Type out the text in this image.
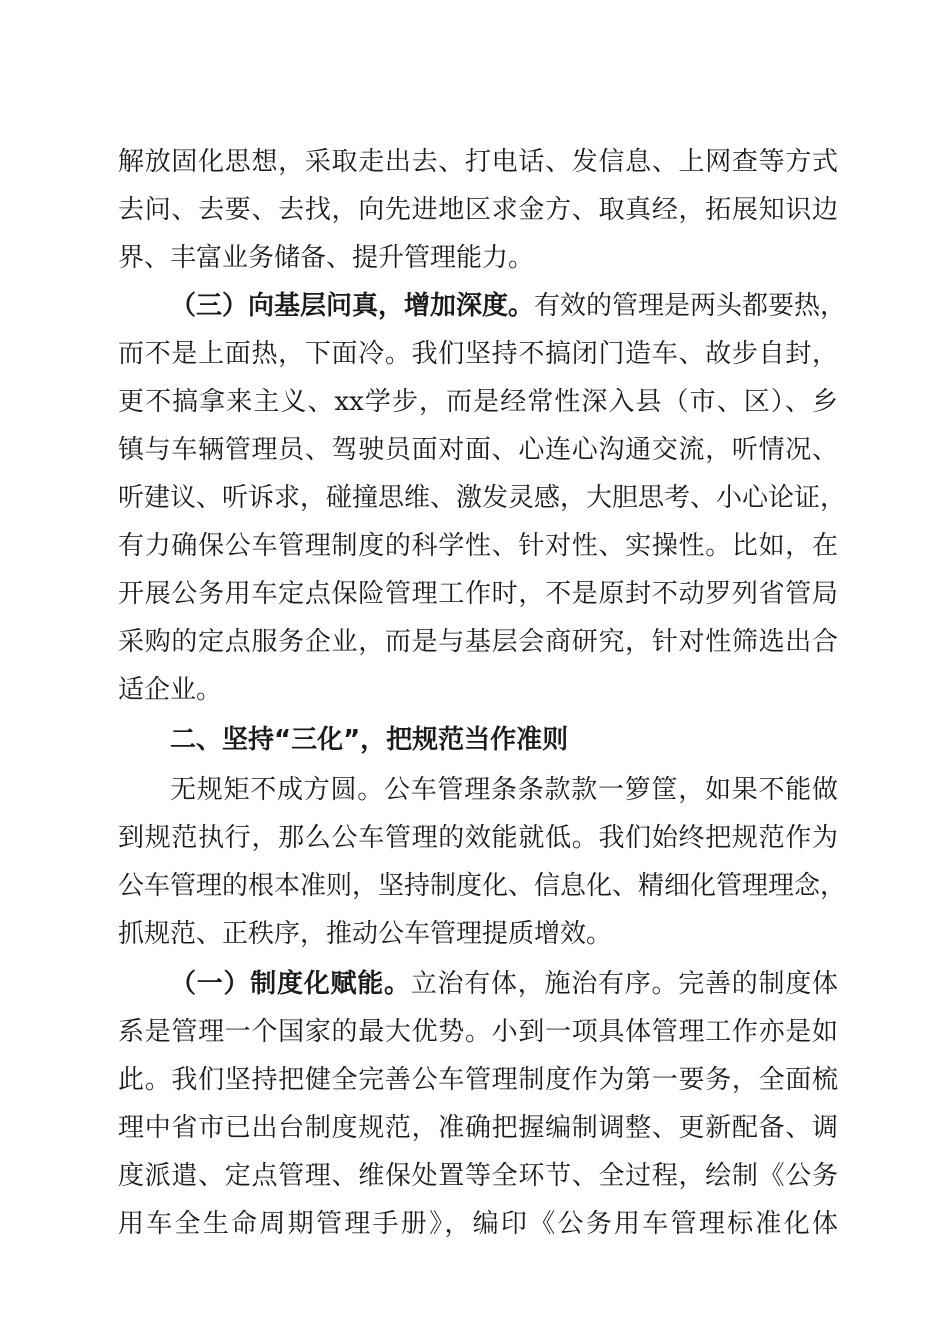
解放固化思想，采取走出去、打电话、发信息、上网查等方式
去问、去要、去找，向先进地区求金方、取真经，拓展知识边
界、丰富业务储备、提升管理能力。
（三）向基层问真，增加深度。有效的管理是两头都要热，
而不是上面热，下面冷。我们坚持不搞闭门造车、故步自封，
更不搞拿来主义、xx学步，而是经常性深入县（市、区）、乡
镇与车辆管理员、驾驶员面对面、心连心沟通交流，听情况、
听建议、听诉求，碰撞思维、激发灵感，大胆思考、小心论证，
有力确保公车管理制度的科学性、针对性、实操性。比如，在
开展公务用车定点保险管理工作时，不是原封不动罗列省管局
采购的定点服务企业，而是与基层会商研究，针对性筛选出合
适企业。
二、坚持“三化”，把规范当作准则
无规矩不成方圆。公车管理条条款款一箩筐，如果不能做
到规范执行，那么公车管理的效能就低。我们始终把规范作为
公车管理的根本准则，坚持制度化、信息化、精细化管理理念，
抓规范、正秩序，推动公车管理提质增效。
（一）制度化赋能。立治有体，施治有序。完善的制度体
系是管理一个国家的最大优势。小到一项具体管理工作亦是如
此。我们坚持把健全完善公车管理制度作为第一要务，全面梳
理中省市已出台制度规范，准确把握编制调整、更新配备、调
度派遣、定点管理、维保处置等全环节、全过程，绘制《公务
用车全生命周期管理手册》，编印《公务用车管理标准化体
